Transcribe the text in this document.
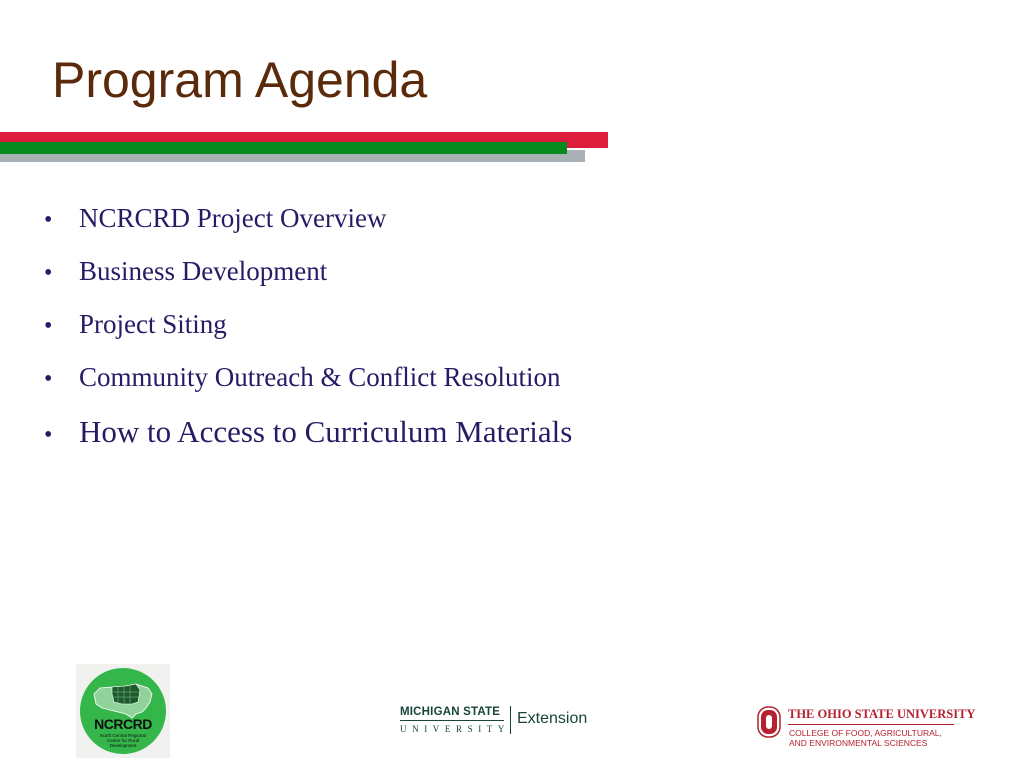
Program Agenda
• NCRCRD Project Overview
• Business Development
• Project Siting
• Community Outreach & Conflict Resolution
• How to Access to Curriculum Materials
NCRCRD
North Central Regional Center for Rural Development
MICHIGAN STATE
UNIVERSITY
Extension	THE OHIO STATE UNIVERSITY
COLLEGE OF FOOD, AGRICULTURAL,
AND ENVIRONMENTAL SCIENCES
